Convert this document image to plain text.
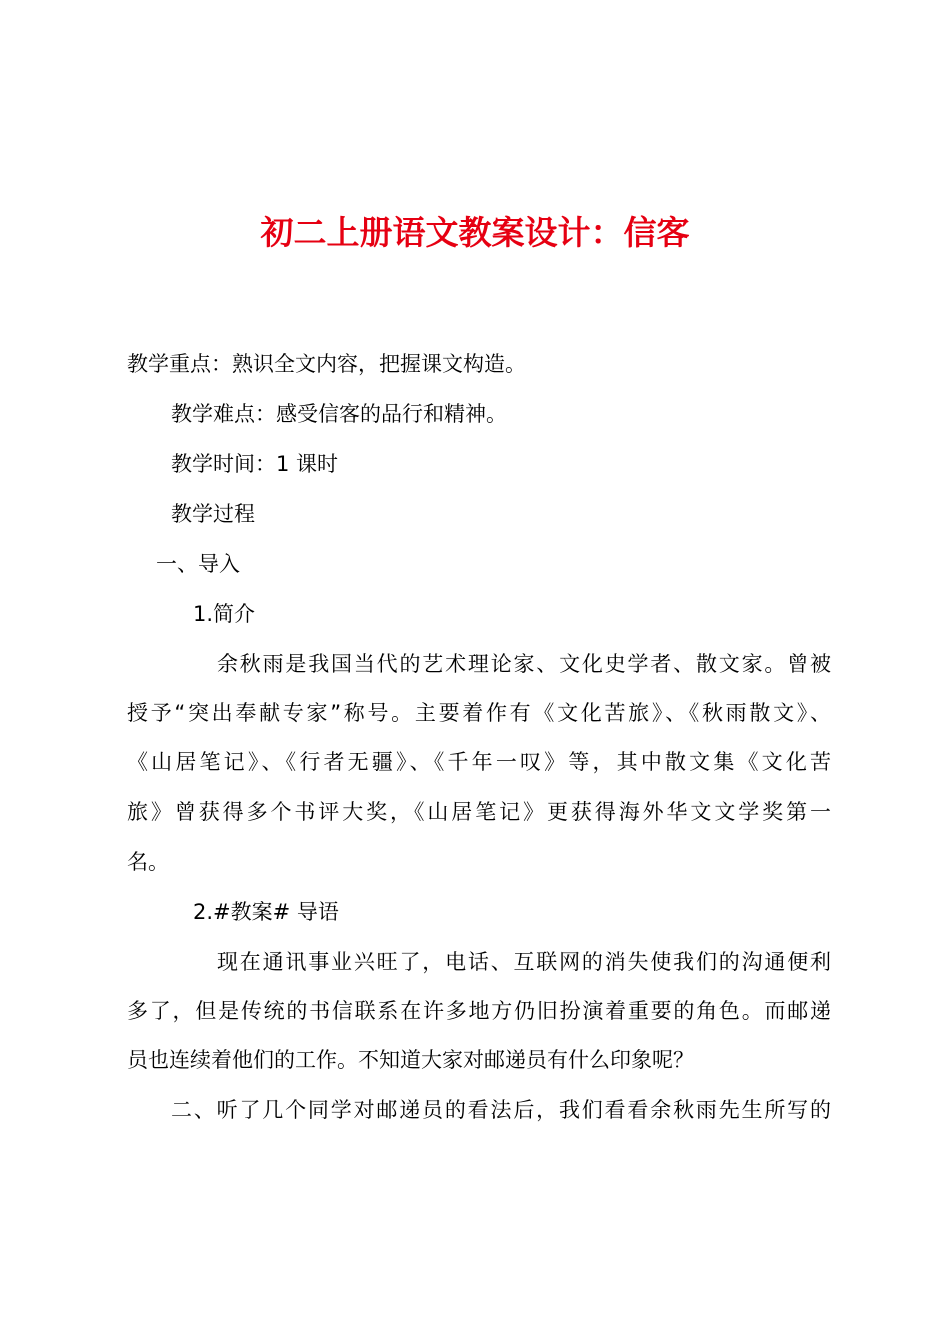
初二上册语文教案设计：信客
教学重点：熟识全文内容，把握课文构造。
教学难点：感受信客的品行和精神。
教学时间：1 课时
教学过程
一、导入
1.简介
余秋雨是我国当代的艺术理论家、文化史学者、散文家。曾被
授予“突出奉献专家”称号。主要着作有《文化苦旅》、《秋雨散文》、
《山居笔记》、《行者无疆》、《千年一叹》等，其中散文集《文化苦
旅》曾获得多个书评大奖，《山居笔记》更获得海外华文文学奖第一
名。
2.#教案# 导语
现在通讯事业兴旺了，电话、互联网的消失使我们的沟通便利
多了，但是传统的书信联系在许多地方仍旧扮演着重要的角色。而邮递
员也连续着他们的工作。不知道大家对邮递员有什么印象呢？
二、听了几个同学对邮递员的看法后，我们看看余秋雨先生所写的
